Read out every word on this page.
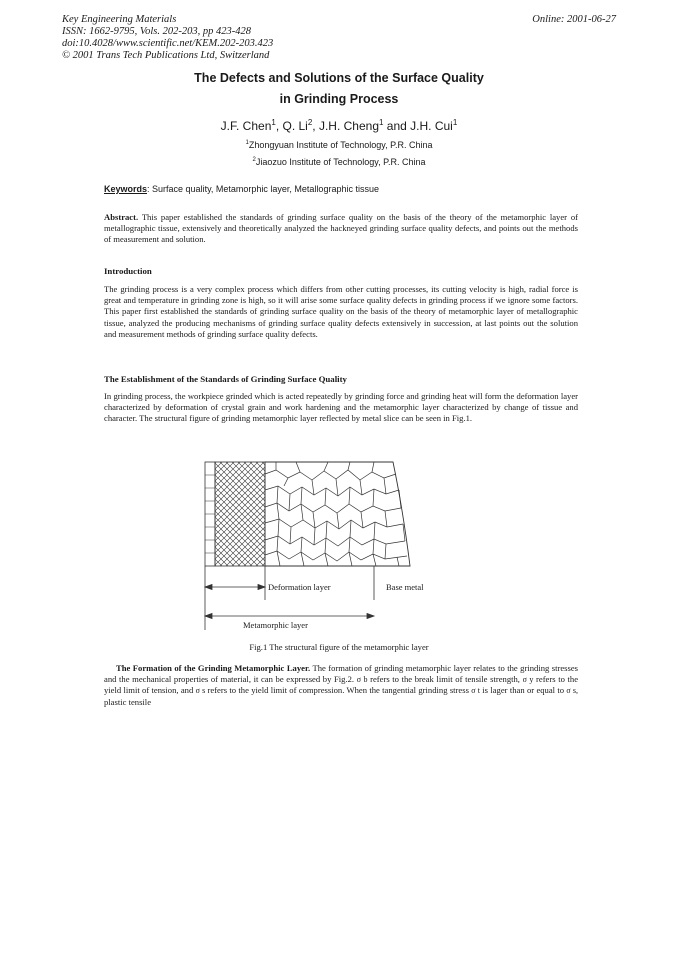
Key Engineering Materials
ISSN: 1662-9795, Vols. 202-203, pp 423-428
doi:10.4028/www.scientific.net/KEM.202-203.423
© 2001 Trans Tech Publications Ltd, Switzerland
Online: 2001-06-27
The Defects and Solutions of the Surface Quality
in Grinding Process
J.F. Chen$^1$, Q. Li$^2$, J.H. Cheng$^1$ and J.H. Cui$^1$
$^1$Zhongyuan Institute of Technology, P.R. China
$^2$Jiaozuo Institute of Technology, P.R. China
Keywords: Surface quality, Metamorphic layer, Metallographic tissue
Abstract. This paper established the standards of grinding surface quality on the basis of the theory of the metamorphic layer of metallographic tissue, extensively and theoretically analyzed the hackneyed grinding surface quality defects, and points out the methods of measurement and solution.
Introduction
The grinding process is a very complex process which differs from other cutting processes, its cutting velocity is high, radial force is great and temperature in grinding zone is high, so it will arise some surface quality defects in grinding process if we ignore some factors. This paper first established the standards of grinding surface quality on the basis of the theory of metamorphic layer of metallographic tissue, analyzed the producing mechanisms of grinding surface quality defects extensively in succession, at last points out the solution and measurement methods of grinding surface quality defects.
The Establishment of the Standards of Grinding Surface Quality
In grinding process, the workpiece grinded which is acted repeatedly by grinding force and grinding heat will form the deformation layer characterized by deformation of crystal grain and work hardening and the metamorphic layer characterized by change of tissue and character. The structural figure of grinding metamorphic layer reflected by metal slice can be seen in Fig.1.
Deformation layer	Base metal
Metamorphic layer
Fig.1 The structural figure of the metamorphic layer
The Formation of the Grinding Metamorphic Layer. The formation of grinding metamorphic layer relates to the grinding stresses and the mechanical properties of material, it can be expressed by Fig.2. σ b refers to the break limit of tensile strength, σ y refers to the yield limit of tension, and σ s refers to the yield limit of compression. When the tangential grinding stress σ t is lager than or equal to σ s, plastic tensile
